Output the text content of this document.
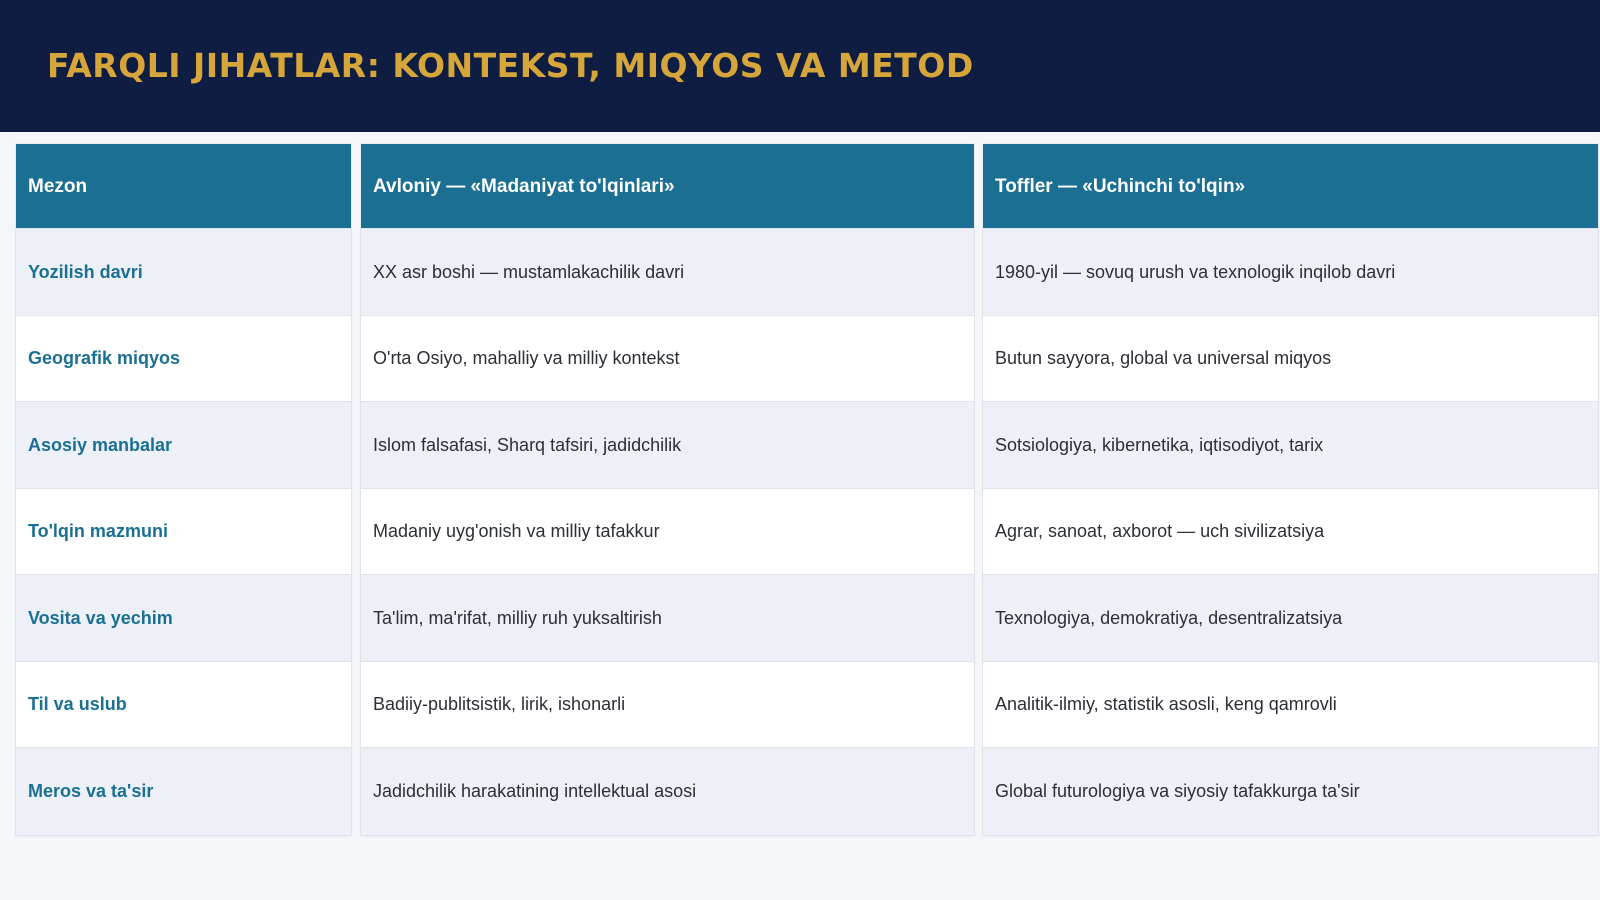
FARQLI JIHATLAR: KONTEKST, MIQYOS VA METOD
Mezon	Avloniy — «Madaniyat to'lqinlari»	Toffler — «Uchinchi to'lqin»
Yozilish davri	XX asr boshi — mustamlakachilik davri	1980-yil — sovuq urush va texnologik inqilob davri
Geografik miqyos	O'rta Osiyo, mahalliy va milliy kontekst	Butun sayyora, global va universal miqyos
Asosiy manbalar	Islom falsafasi, Sharq tafsiri, jadidchilik	Sotsiologiya, kibernetika, iqtisodiyot, tarix
To'lqin mazmuni	Madaniy uyg'onish va milliy tafakkur	Agrar, sanoat, axborot — uch sivilizatsiya
Vosita va yechim	Ta'lim, ma'rifat, milliy ruh yuksaltirish	Texnologiya, demokratiya, desentralizatsiya
Til va uslub	Badiiy-publitsistik, lirik, ishonarli	Analitik-ilmiy, statistik asosli, keng qamrovli
Meros va ta'sir	Jadidchilik harakatining intellektual asosi	Global futurologiya va siyosiy tafakkurga ta'sir
